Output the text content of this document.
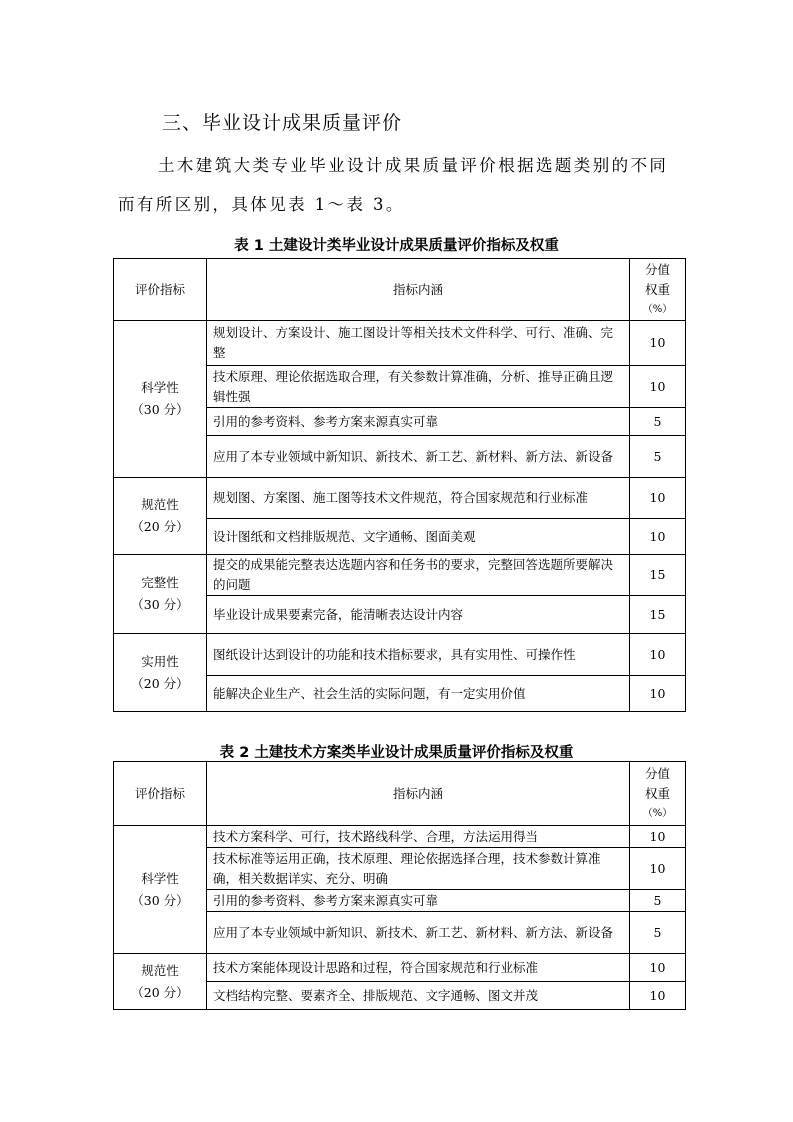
三、毕业设计成果质量评价
土木建筑大类专业毕业设计成果质量评价根据选题类别的不同而有所区别，具体见表 1～表 3。
表 1 土建设计类毕业设计成果质量评价指标及权重
评价指标	指标内涵	分值
权重
（%）

科学性
（30 分）	规划设计、方案设计、施工图设计等相关技术文件科学、可行、准确、完整	10
	技术原理、理论依据选取合理，有关参数计算准确，分析、推导正确且逻辑性强	10
	引用的参考资料、参考方案来源真实可靠	5
	应用了本专业领域中新知识、新技术、新工艺、新材料、新方法、新设备	5

规范性
（20 分）	规划图、方案图、施工图等技术文件规范，符合国家规范和行业标准	10
	设计图纸和文档排版规范、文字通畅、图面美观	10

完整性
（30 分）	提交的成果能完整表达选题内容和任务书的要求，完整回答选题所要解决的问题	15
	毕业设计成果要素完备，能清晰表达设计内容	15

实用性
（20 分）	图纸设计达到设计的功能和技术指标要求，具有实用性、可操作性	10
	能解决企业生产、社会生活的实际问题，有一定实用价值	10
表 2 土建技术方案类毕业设计成果质量评价指标及权重
评价指标	指标内涵	分值
权重
（%）

科学性
（30 分）	技术方案科学、可行，技术路线科学、合理，方法运用得当	10
	技术标准等运用正确，技术原理、理论依据选择合理，技术参数计算准确，相关数据详实、充分、明确	10
	引用的参考资料、参考方案来源真实可靠	5
	应用了本专业领域中新知识、新技术、新工艺、新材料、新方法、新设备	5

规范性
（20 分）	技术方案能体现设计思路和过程，符合国家规范和行业标准	10
	文档结构完整、要素齐全、排版规范、文字通畅、图文并茂	10
